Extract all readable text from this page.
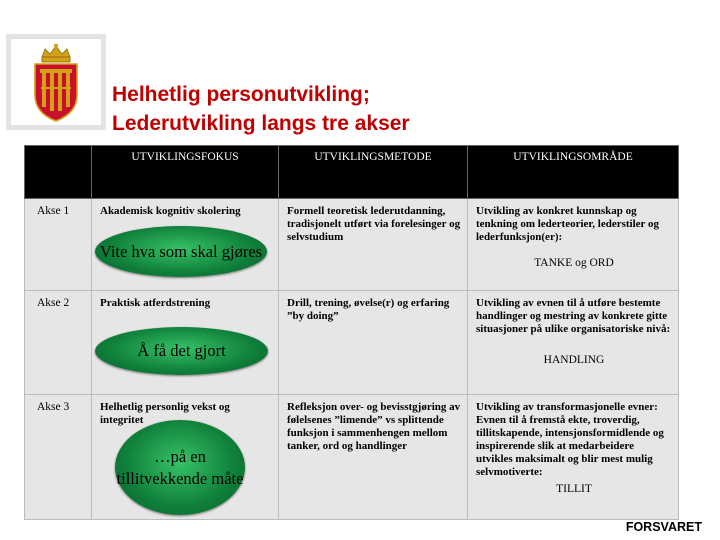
Helhetlig personutvikling;
Lederutvikling langs tre akser
	UTVIKLINGSFOKUS	UTVIKLINGSMETODE	UTVIKLINGSOMRÅDE
Akse 1	Akademisk kognitiv skolering	Formell teoretisk lederutdanning, tradisjonelt utført via forelesinger og selvstudium	Utvikling av konkret kunnskap og tenkning om lederteorier, lederstiler og lederfunksjon(er):
TANKE og ORD

Akse 2	Praktisk atferdstrening	Drill, trening, øvelse(r) og erfaring ”by doing”	Utvikling av evnen til å utføre bestemte handlinger og mestring av konkrete gitte situasjoner på ulike organisatoriske nivå:
HANDLING

Akse 3	Helhetlig personlig vekst og integritet	Refleksjon over- og bevisstgjøring av følelsenes ”limende” vs splittende funksjon i sammenhengen mellom tanker, ord og handlinger	Utvikling av transformasjonelle evner: Evnen til å fremstå ekte, troverdig, tillitskapende, intensjonsformidlende og inspirerende slik at medarbeidere utvikles maksimalt og blir mest mulig selvmotiverte:
TILLIT
Vite hva som skal gjøres
Å få det gjort
…på en tillitvekkende måte
FORSVARET
